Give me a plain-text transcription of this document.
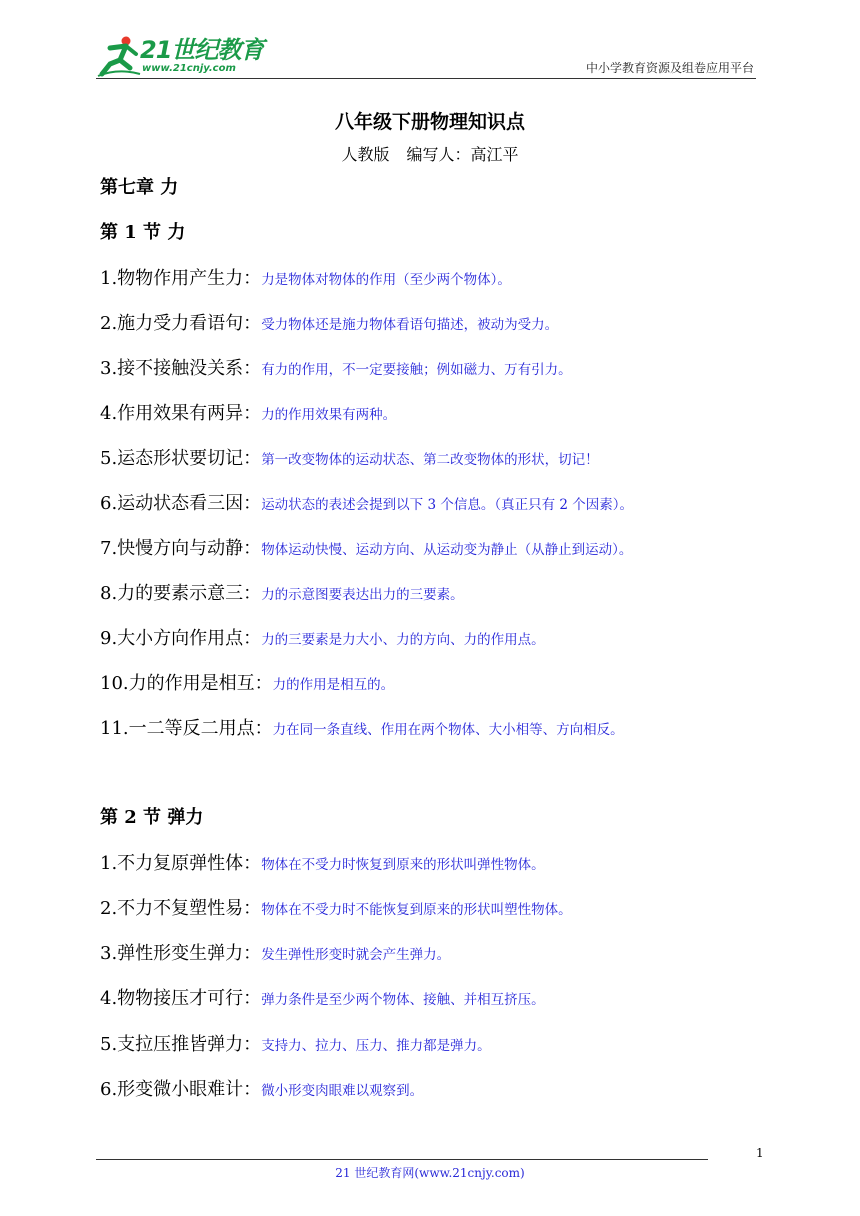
21世纪教育
www.21cnjy.com	中小学教育资源及组卷应用平台
八年级下册物理知识点
人教版 编写人：高江平
第七章 力
第 1 节 力
1.物物作用产生力：力是物体对物体的作用（至少两个物体）。
2.施力受力看语句：受力物体还是施力物体看语句描述，被动为受力。
3.接不接触没关系：有力的作用，不一定要接触；例如磁力、万有引力。
4.作用效果有两异：力的作用效果有两种。
5.运态形状要切记：第一改变物体的运动状态、第二改变物体的形状，切记！
6.运动状态看三因：运动状态的表述会提到以下 3 个信息。（真正只有 2 个因素）。
7.快慢方向与动静：物体运动快慢、运动方向、从运动变为静止（从静止到运动）。
8.力的要素示意三：力的示意图要表达出力的三要素。
9.大小方向作用点：力的三要素是力大小、力的方向、力的作用点。
10.力的作用是相互：力的作用是相互的。
11.一二等反二用点：力在同一条直线、作用在两个物体、大小相等、方向相反。
第 2 节 弹力
1.不力复原弹性体：物体在不受力时恢复到原来的形状叫弹性物体。
2.不力不复塑性易：物体在不受力时不能恢复到原来的形状叫塑性物体。
3.弹性形变生弹力：发生弹性形变时就会产生弹力。
4.物物接压才可行：弹力条件是至少两个物体、接触、并相互挤压。
5.支拉压推皆弹力：支持力、拉力、压力、推力都是弹力。
6.形变微小眼难计：微小形变肉眼难以观察到。
1
21 世纪教育网(www.21cnjy.com)
